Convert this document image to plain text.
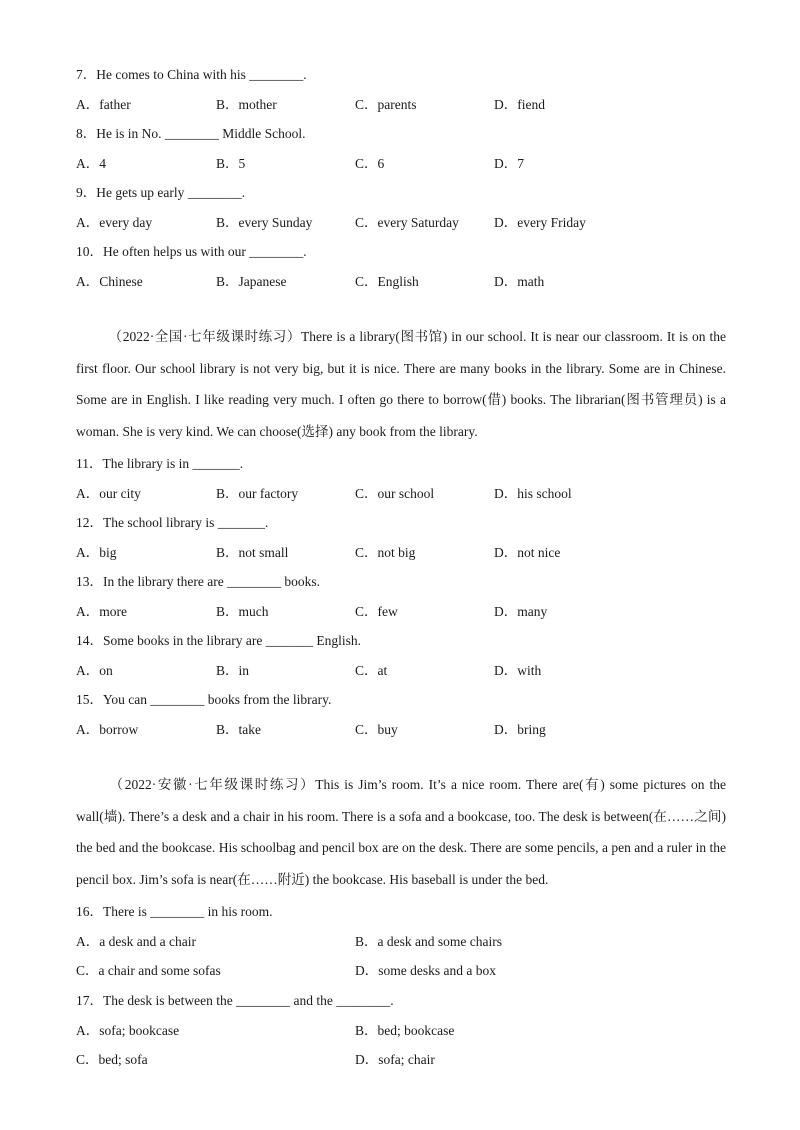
7．He comes to China with his ________.
A．father	B．mother	C．parents	D．fiend
8．He is in No. ________ Middle School.
A．4	B．5	C．6	D．7
9．He gets up early ________.
A．every day	B．every Sunday	C．every Saturday	D．every Friday
10．He often helps us with our ________.
A．Chinese	B．Japanese	C．English	D．math
（2022·全国·七年级课时练习）There is a library(图书馆) in our school. It is near our classroom. It is on the first floor. Our school library is not very big, but it is nice. There are many books in the library. Some are in Chinese. Some are in English. I like reading very much. I often go there to borrow(借) books. The librarian(图书管理员) is a woman. She is very kind. We can choose(选择) any book from the library.
11．The library is in _______.
A．our city	B．our factory	C．our school	D．his school
12．The school library is _______.
A．big	B．not small	C．not big	D．not nice
13．In the library there are ________ books.
A．more	B．much	C．few	D．many
14．Some books in the library are _______ English.
A．on	B．in	C．at	D．with
15．You can ________ books from the library.
A．borrow	B．take	C．buy	D．bring
（2022·安徽·七年级课时练习）This is Jim’s room. It’s a nice room. There are(有) some pictures on the wall(墙). There’s a desk and a chair in his room. There is a sofa and a bookcase, too. The desk is between(在……之间) the bed and the bookcase. His schoolbag and pencil box are on the desk. There are some pencils, a pen and a ruler in the pencil box. Jim’s sofa is near(在……附近) the bookcase. His baseball is under the bed.
16．There is ________ in his room.
A．a desk and a chair	B．a desk and some chairs
C．a chair and some sofas	D．some desks and a box
17．The desk is between the ________ and the ________.
A．sofa; bookcase	B．bed; bookcase
C．bed; sofa	D．sofa; chair
